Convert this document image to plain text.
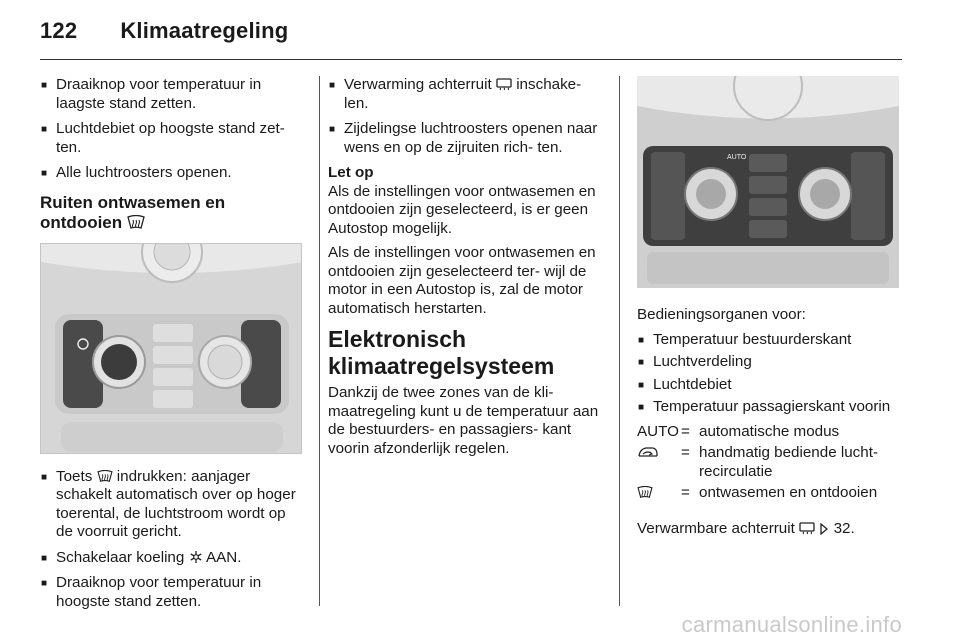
122 Klimaatregeling
■ Draaiknop voor temperatuur in laagste stand zetten.
■ Luchtdebiet op hoogste stand zet- ten.
■ Alle luchtroosters openen.
Ruiten ontwasemen en ontdooien
■ Toets indrukken: aanjager schakelt automatisch over op hoger toerental, de luchtstroom wordt op de voorruit gericht.
■ Schakelaar koeling AAN.
■ Draaiknop voor temperatuur in hoogste stand zetten.
■ Verwarming achterruit inschake- len.
■ Zijdelingse luchtroosters openen naar wens en op de zijruiten rich- ten.
Let op
Als de instellingen voor ontwasemen en ontdooien zijn geselecteerd, is er geen Autostop mogelijk.
Als de instellingen voor ontwasemen en ontdooien zijn geselecteerd ter- wijl de motor in een Autostop is, zal de motor automatisch herstarten.
Elektronisch klimaatregelsysteem
Dankzij de twee zones van de kli- maatregeling kunt u de temperatuur aan de bestuurders- en passagiers- kant voorin afzonderlijk regelen.
AUTO
Bedieningsorganen voor:
■ Temperatuur bestuurderskant
■ Luchtverdeling
■ Luchtdebiet
■ Temperatuur passagierskant voorin
AUTO = automatische modus
= handmatig bediende lucht- recirculatie
= ontwasemen en ontdooien
Verwarmbare achterruit	32.
carmanualsonline.info
